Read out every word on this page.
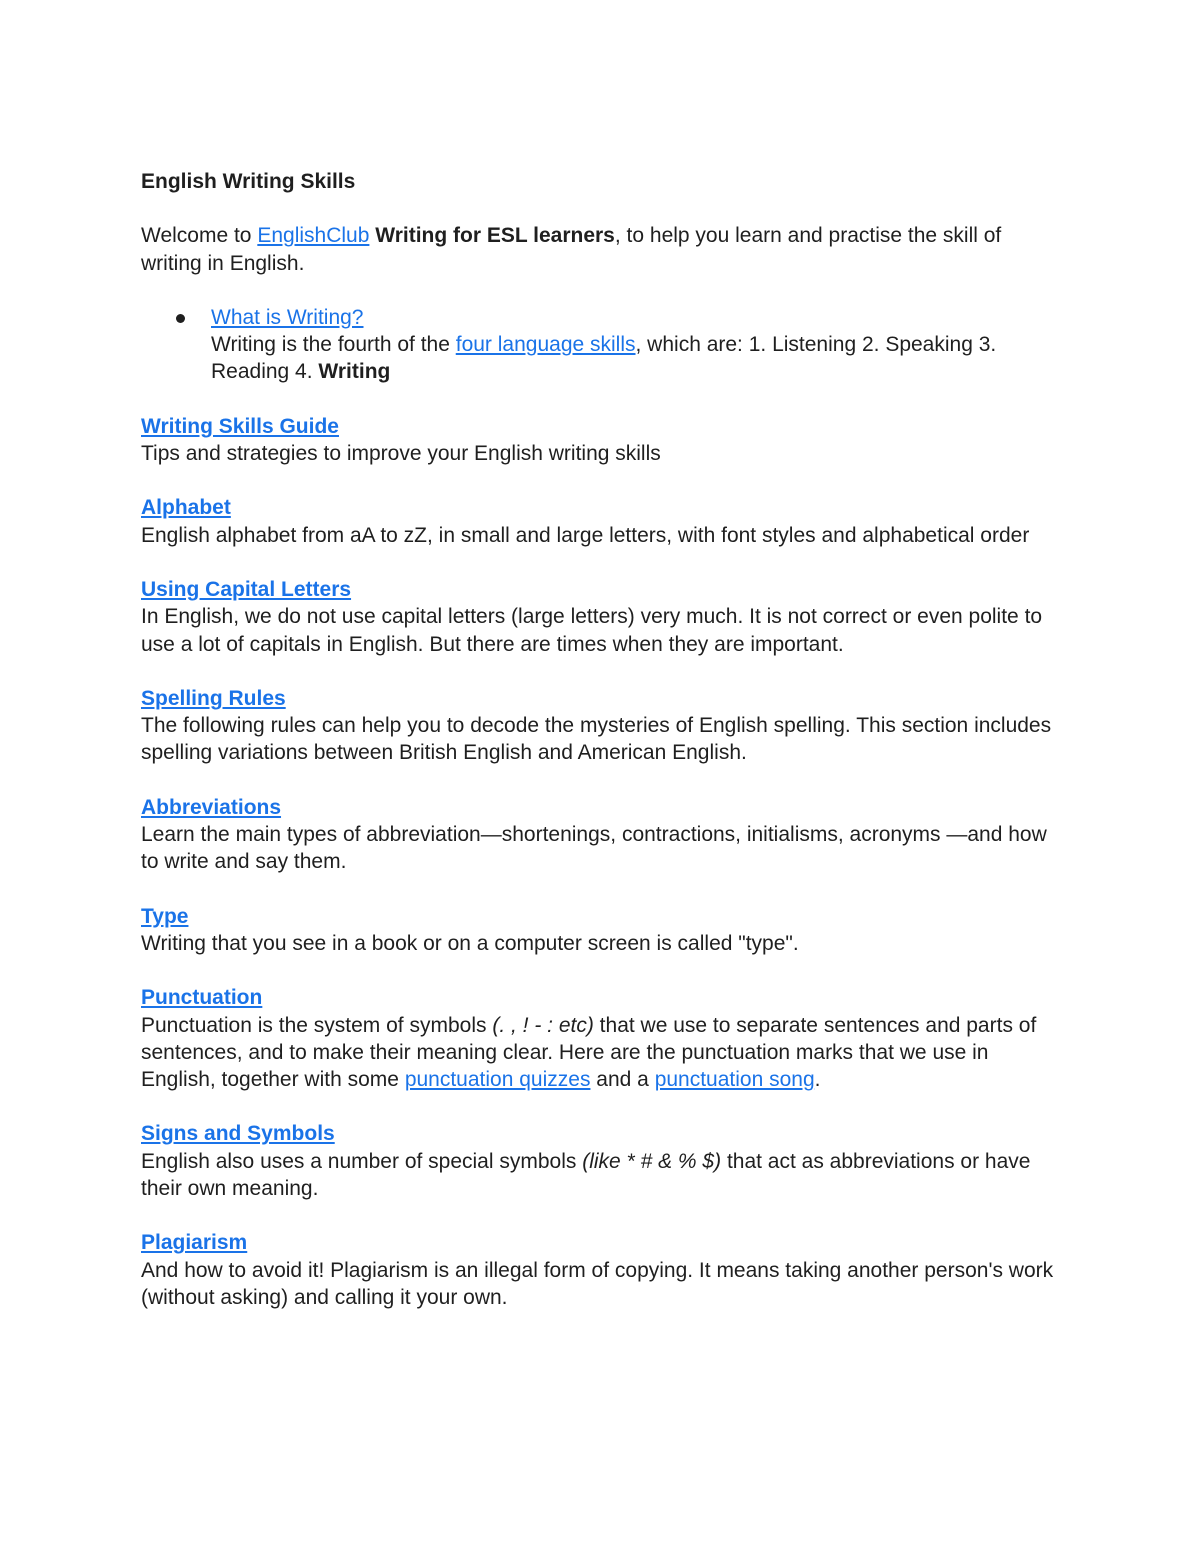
English Writing Skills
Welcome to EnglishClub Writing for ESL learners, to help you learn and practise the skill of writing in English.
What is Writing?
Writing is the fourth of the four language skills, which are: 1. Listening 2. Speaking 3. Reading 4. Writing
Writing Skills Guide
Tips and strategies to improve your English writing skills
Alphabet
English alphabet from aA to zZ, in small and large letters, with font styles and alphabetical order
Using Capital Letters
In English, we do not use capital letters (large letters) very much. It is not correct or even polite to use a lot of capitals in English. But there are times when they are important.
Spelling Rules
The following rules can help you to decode the mysteries of English spelling. This section includes spelling variations between British English and American English.
Abbreviations
Learn the main types of abbreviation—shortenings, contractions, initialisms, acronyms —and how to write and say them.
Type
Writing that you see in a book or on a computer screen is called "type".
Punctuation
Punctuation is the system of symbols (. , ! - : etc) that we use to separate sentences and parts of sentences, and to make their meaning clear. Here are the punctuation marks that we use in English, together with some punctuation quizzes and a punctuation song.
Signs and Symbols
English also uses a number of special symbols (like * # & % $) that act as abbreviations or have their own meaning.
Plagiarism
And how to avoid it! Plagiarism is an illegal form of copying. It means taking another person's work (without asking) and calling it your own.
